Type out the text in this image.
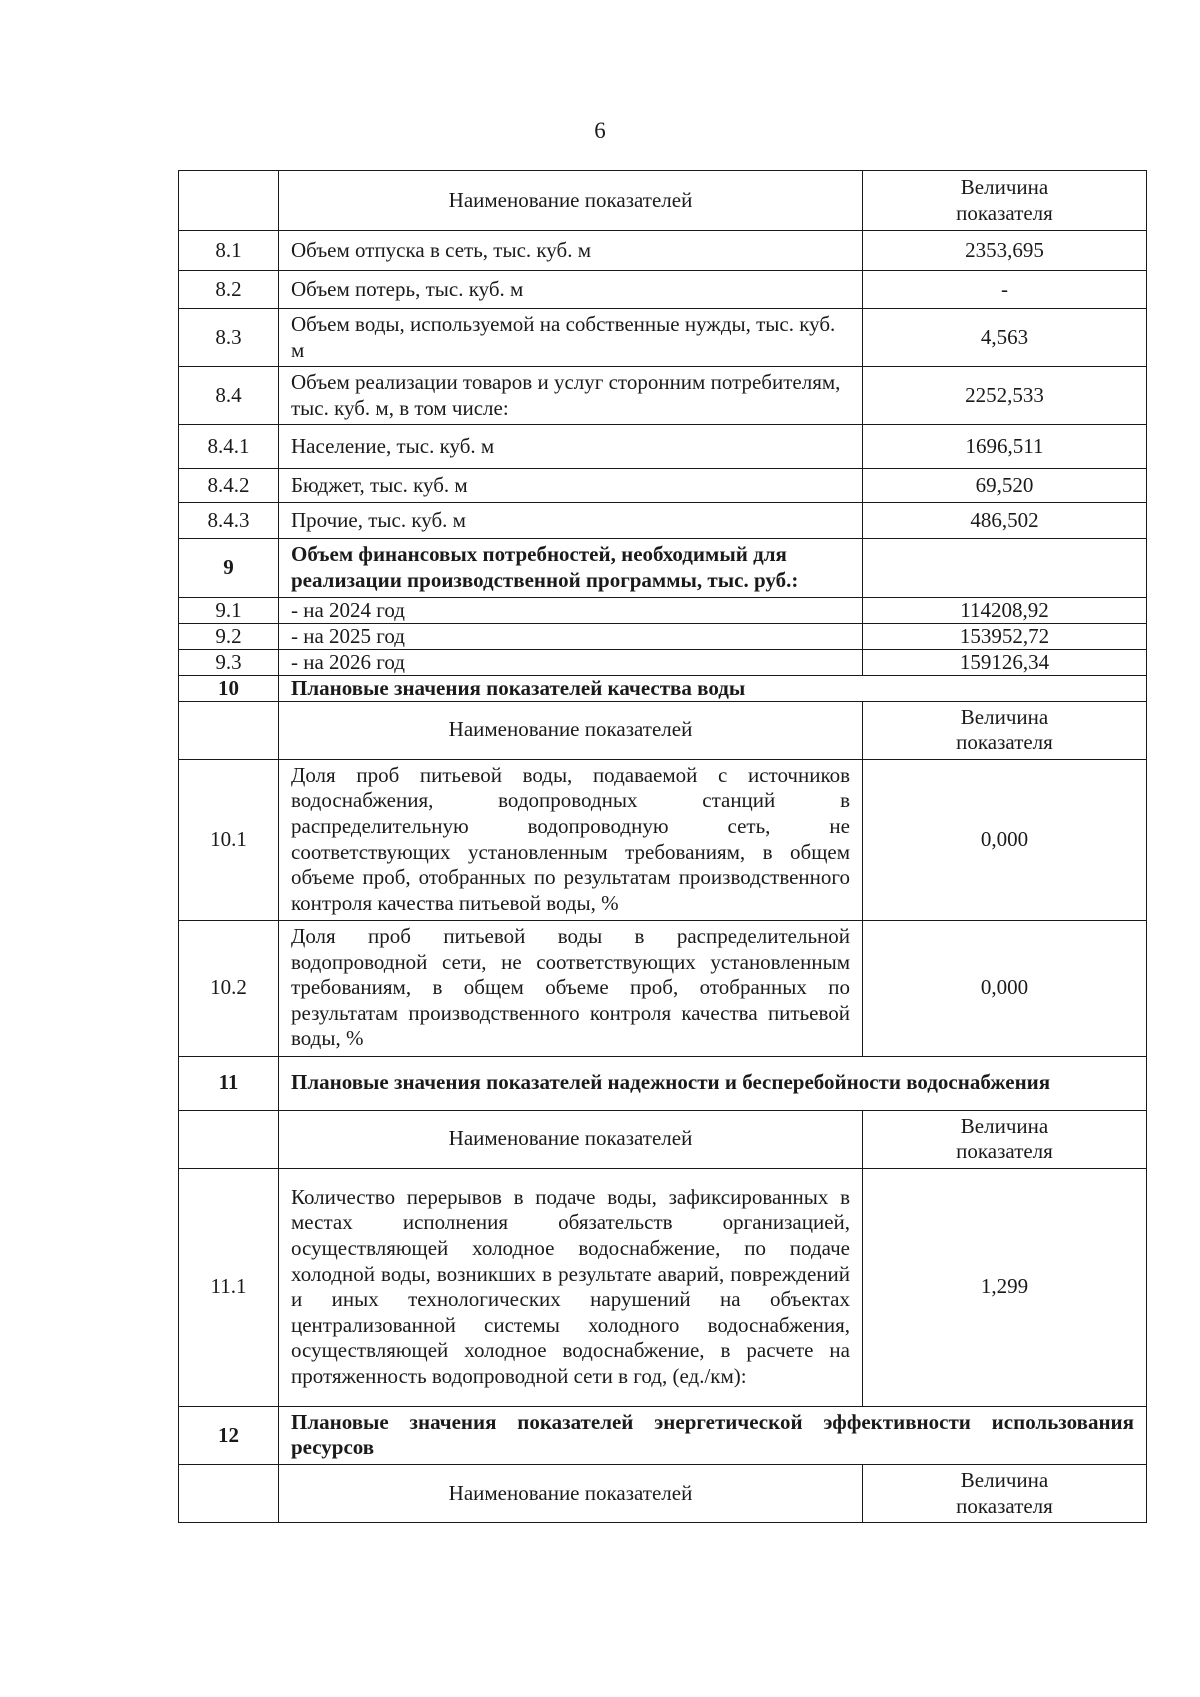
6
	Наименование показателей	Величина
показателя

8.1	Объем отпуска в сеть, тыс. куб. м	2353,695
8.2	Объем потерь, тыс. куб. м	-
8.3	Объем воды, используемой на собственные нужды, тыс. куб. м	4,563
8.4	Объем реализации товаров и услуг сторонним потребителям, тыс. куб. м, в том числе:	2252,533
8.4.1	Население, тыс. куб. м	1696,511
8.4.2	Бюджет, тыс. куб. м	69,520
8.4.3	Прочие, тыс. куб. м	486,502
9	Объем финансовых потребностей, необходимый для реализации производственной программы, тыс. руб.:	
9.1	- на 2024 год	114208,92
9.2	- на 2025 год	153952,72
9.3	- на 2026 год	159126,34
10	Плановые значения показателей качества воды	
	Наименование показателей	Величина
показателя

10.1	Доля проб питьевой воды, подаваемой с источников водоснабжения, водопроводных станций в распределительную водопроводную сеть, не соответствующих установленным требованиям, в общем объеме проб, отобранных по результатам производственного контроля качества питьевой воды, %	0,000
10.2	Доля проб питьевой воды в распределительной водопроводной сети, не соответствующих установленным требованиям, в общем объеме проб, отобранных по результатам производственного контроля качества питьевой воды, %	0,000
11	Плановые значения показателей надежности и бесперебойности водоснабжения	
	Наименование показателей	Величина
показателя

11.1	Количество перерывов в подаче воды, зафиксированных в местах исполнения обязательств организацией, осуществляющей холодное водоснабжение, по подаче холодной воды, возникших в результате аварий, повреждений и иных технологических нарушений на объектах централизованной системы холодного водоснабжения, осуществляющей холодное водоснабжение, в расчете на протяженность водопроводной сети в год, (ед./км):	1,299
12	Плановые значения показателей энергетической эффективности использования ресурсов	
	Наименование показателей	Величина
показателя
